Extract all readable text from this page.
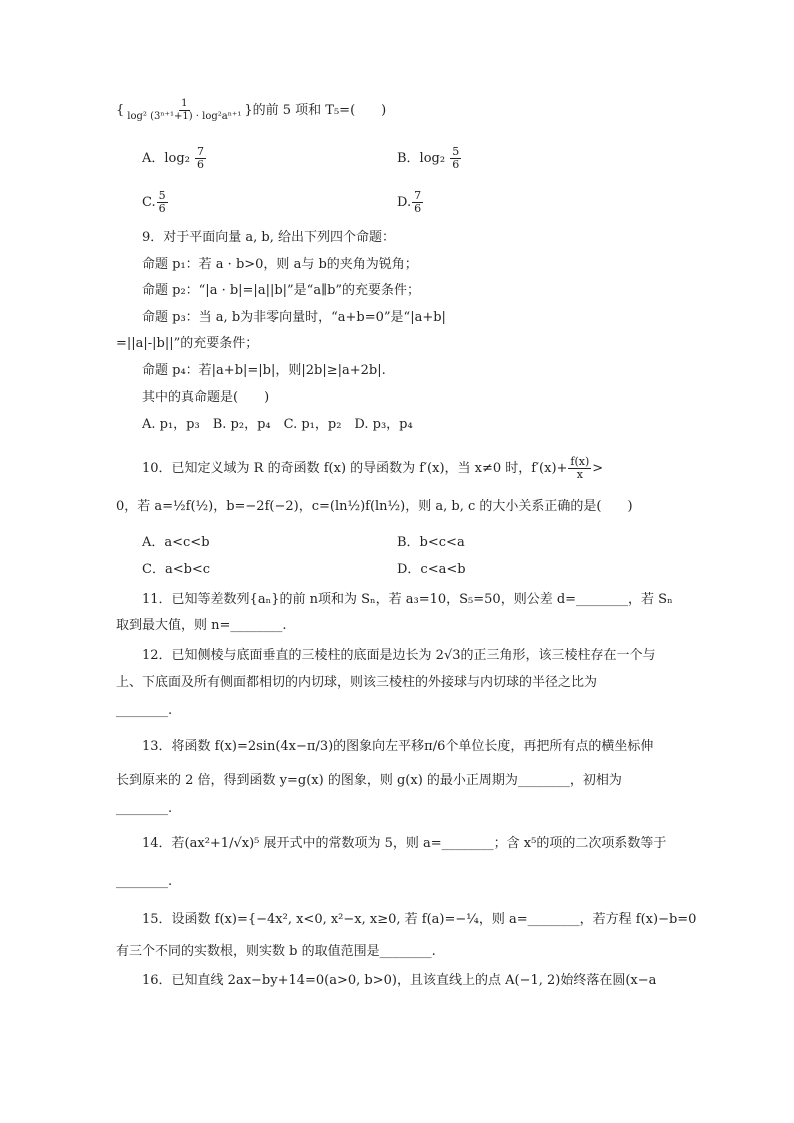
{ $\frac{1}{\text{log² (3ⁿ⁺¹+1) · log²aⁿ⁺¹}}$ }的前 5 项和 T₅=(　　)
A．$\log_2 \frac{7}{6}$	B．$\log_2 \frac{5}{6}$
C. $\frac{5}{6}$	D. $\frac{7}{6}$
9．对于平面向量 a, b, 给出下列四个命题：
命题 p₁：若 a · b>0，则 a与 b的夹角为锐角；
命题 p₂：“|a · b|=|a||b|”是“a∥b”的充要条件；
命题 p₃：当 a, b为非零向量时，“a+b=0”是“|a+b|
=||a|-|b||”的充要条件；
命题 p₄：若|a+b|=|b|，则|2b|≥|a+2b|.
其中的真命题是(　　)
A. p₁，p₃　B. p₂，p₄　C. p₁，p₂　D. p₃，p₄
10．已知定义域为 R 的奇函数 f(x) 的导函数为 f′(x)，当 x≠0 时，$f'(x)+ \frac{f(x)}{x}$ >
0，若 a=½f(½)，b=−2f(−2)，c=(ln½)f(ln½)，则 a, b, c 的大小关系正确的是(　　)
A．a<c<b	B．b<c<a
C．a<b<c	D．c<a<b
11．已知等差数列{aₙ}的前 n项和为 Sₙ，若 a₃=10，S₅=50，则公差 d=________，若 Sₙ
取到最大值，则 n=________.
12．已知侧棱与底面垂直的三棱柱的底面是边长为 2√3的正三角形，该三棱柱存在一个与
上、下底面及所有侧面都相切的内切球，则该三棱柱的外接球与内切球的半径之比为
________.
13．将函数 f(x)=2sin(4x−π/3)的图象向左平移π/6个单位长度，再把所有点的横坐标伸
长到原来的 2 倍，得到函数 y=g(x) 的图象，则 g(x) 的最小正周期为________，初相为
________.
14．若(ax²+1/√x)⁵ 展开式中的常数项为 5，则 a=________；含 x⁵的项的二次项系数等于
________.
15．设函数 f(x)={−4x², x<0, x²−x, x≥0, 若 f(a)=−¼，则 a=________，若方程 f(x)−b=0
有三个不同的实数根，则实数 b 的取值范围是________.
16．已知直线 2ax−by+14=0(a>0, b>0)，且该直线上的点 A(−1, 2)始终落在圆(x−a
